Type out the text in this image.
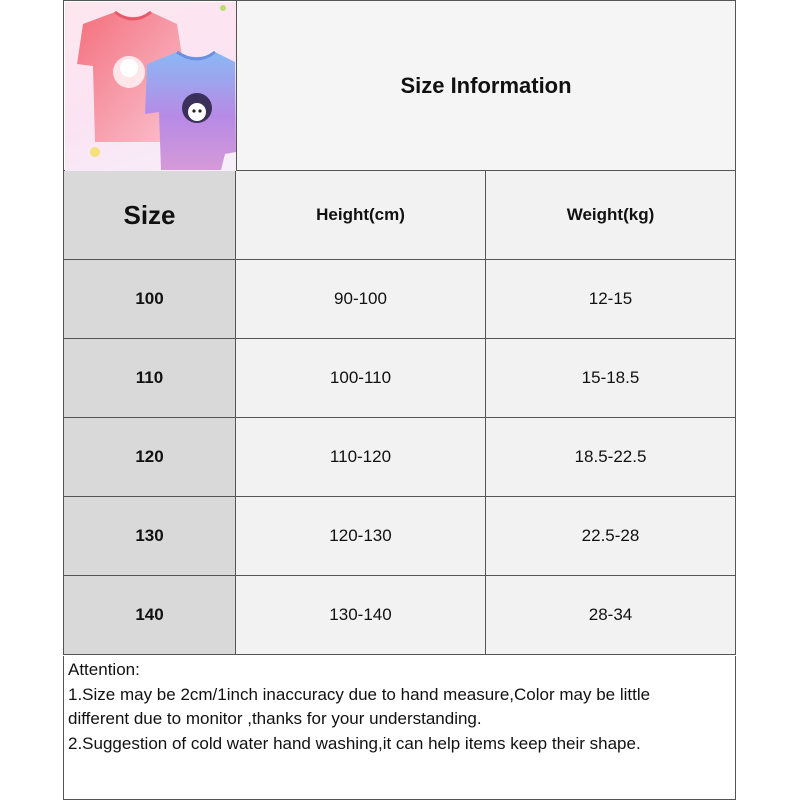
Size Information
Size	Height(cm)	Weight(kg)
100	90-100	12-15
110	100-110	15-18.5
120	110-120	18.5-22.5
130	120-130	22.5-28
140	130-140	28-34
Attention:
1.Size may be 2cm/1inch inaccuracy due to hand measure,Color may be little
different due to monitor ,thanks for your understanding.
2.Suggestion of cold water hand washing,it can help items keep their shape.
